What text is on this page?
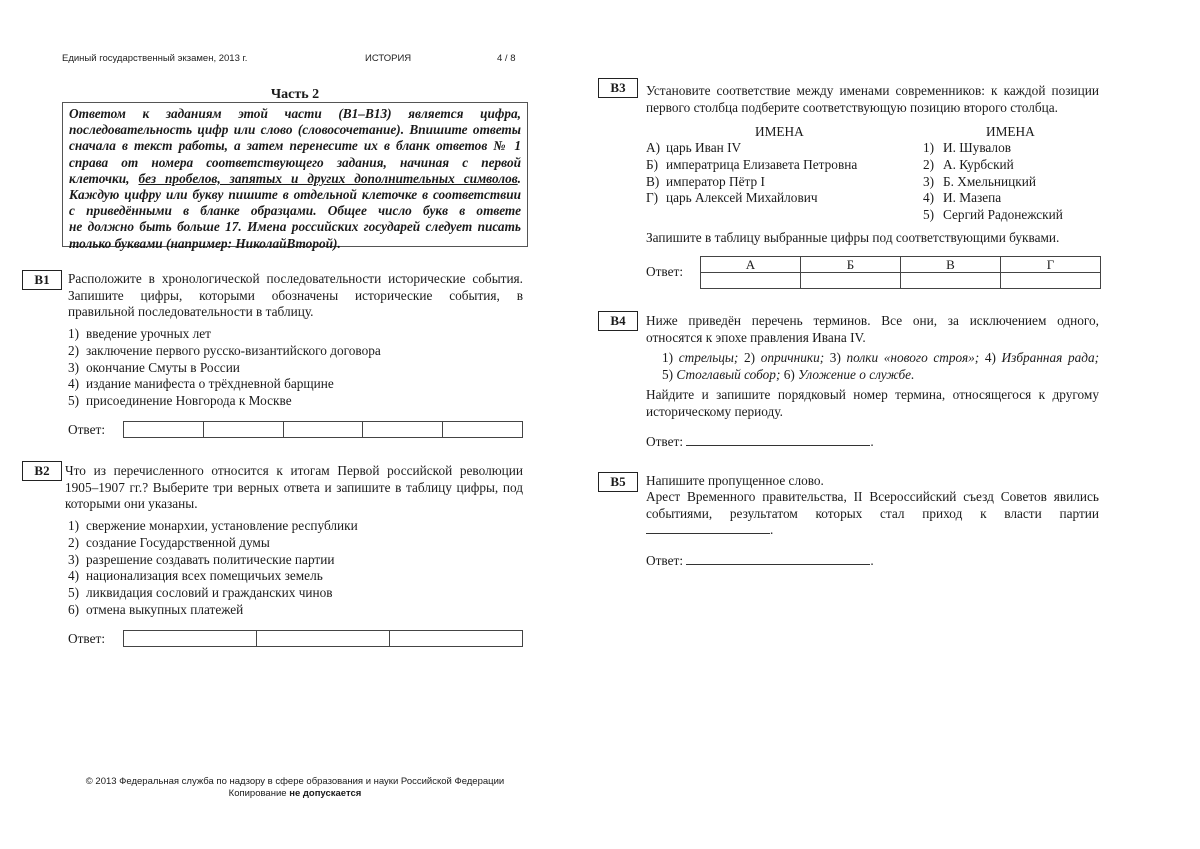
Единый государственный экзамен, 2013 г.	ИСТОРИЯ	4 / 8
Часть 2
Ответом к заданиям этой части (В1–В13) является цифра,
последовательность цифр или слово (словосочетание). Впишите ответы
сначала в текст работы, а затем перенесите их в бланк ответов № 1
справа от номера соответствующего задания, начиная с первой
клеточки, без пробелов, запятых и других дополнительных символов.
Каждую цифру или букву пишите в отдельной клеточке в соответствии
с приведёнными в бланке образцами. Общее число букв в ответе
не должно быть больше 17. Имена российских государей следует писать
только буквами (например: НиколайВторой).
В1	Расположите в хронологической последовательности исторические события.
Запишите цифры, которыми обозначены исторические события, в
правильной последовательности в таблицу.
1) введение урочных лет
2) заключение первого русско-византийского договора
3) окончание Смуты в России
4) издание манифеста о трёхдневной барщине
5) присоединение Новгорода к Москве
Ответ:
В2	Что из перечисленного относится к итогам Первой российской революции
1905–1907 гг.? Выберите три верных ответа и запишите в таблицу цифры, под
которыми они указаны.
1) свержение монархии, установление республики
2) создание Государственной думы
3) разрешение создавать политические партии
4) национализация всех помещичьих земель
5) ликвидация сословий и гражданских чинов
6) отмена выкупных платежей
Ответ:
В3	Установите соответствие между именами современников: к каждой позиции
первого столбца подберите соответствующую позицию второго столбца.
ИМЕНА	ИМЕНА
А) царь Иван IV
Б) императрица Елизавета Петровна
В) император Пётр I
Г) царь Алексей Михайлович
1) И. Шувалов
2) А. Курбский
3) Б. Хмельницкий
4) И. Мазепа
5) Сергий Радонежский
Запишите в таблицу выбранные цифры под соответствующими буквами.
Ответ:	А	Б	В	Г

В4	Ниже приведён перечень терминов. Все они, за исключением одного,
относятся к эпохе правления Ивана IV.
1) стрельцы; 2) опричники; 3) полки «нового строя»; 4) Избранная рада;
5) Стоглавый собор; 6) Уложение о службе.
Найдите и запишите порядковый номер термина, относящегося к другому
историческому периоду.
Ответ:	.
В5	Напишите пропущенное слово.
Арест Временного правительства, II Всероссийский съезд Советов явились
событиями, результатом которых стал приход к власти партии
.
Ответ:	.
© 2013 Федеральная служба по надзору в сфере образования и науки Российской Федерации
Копирование не допускается
